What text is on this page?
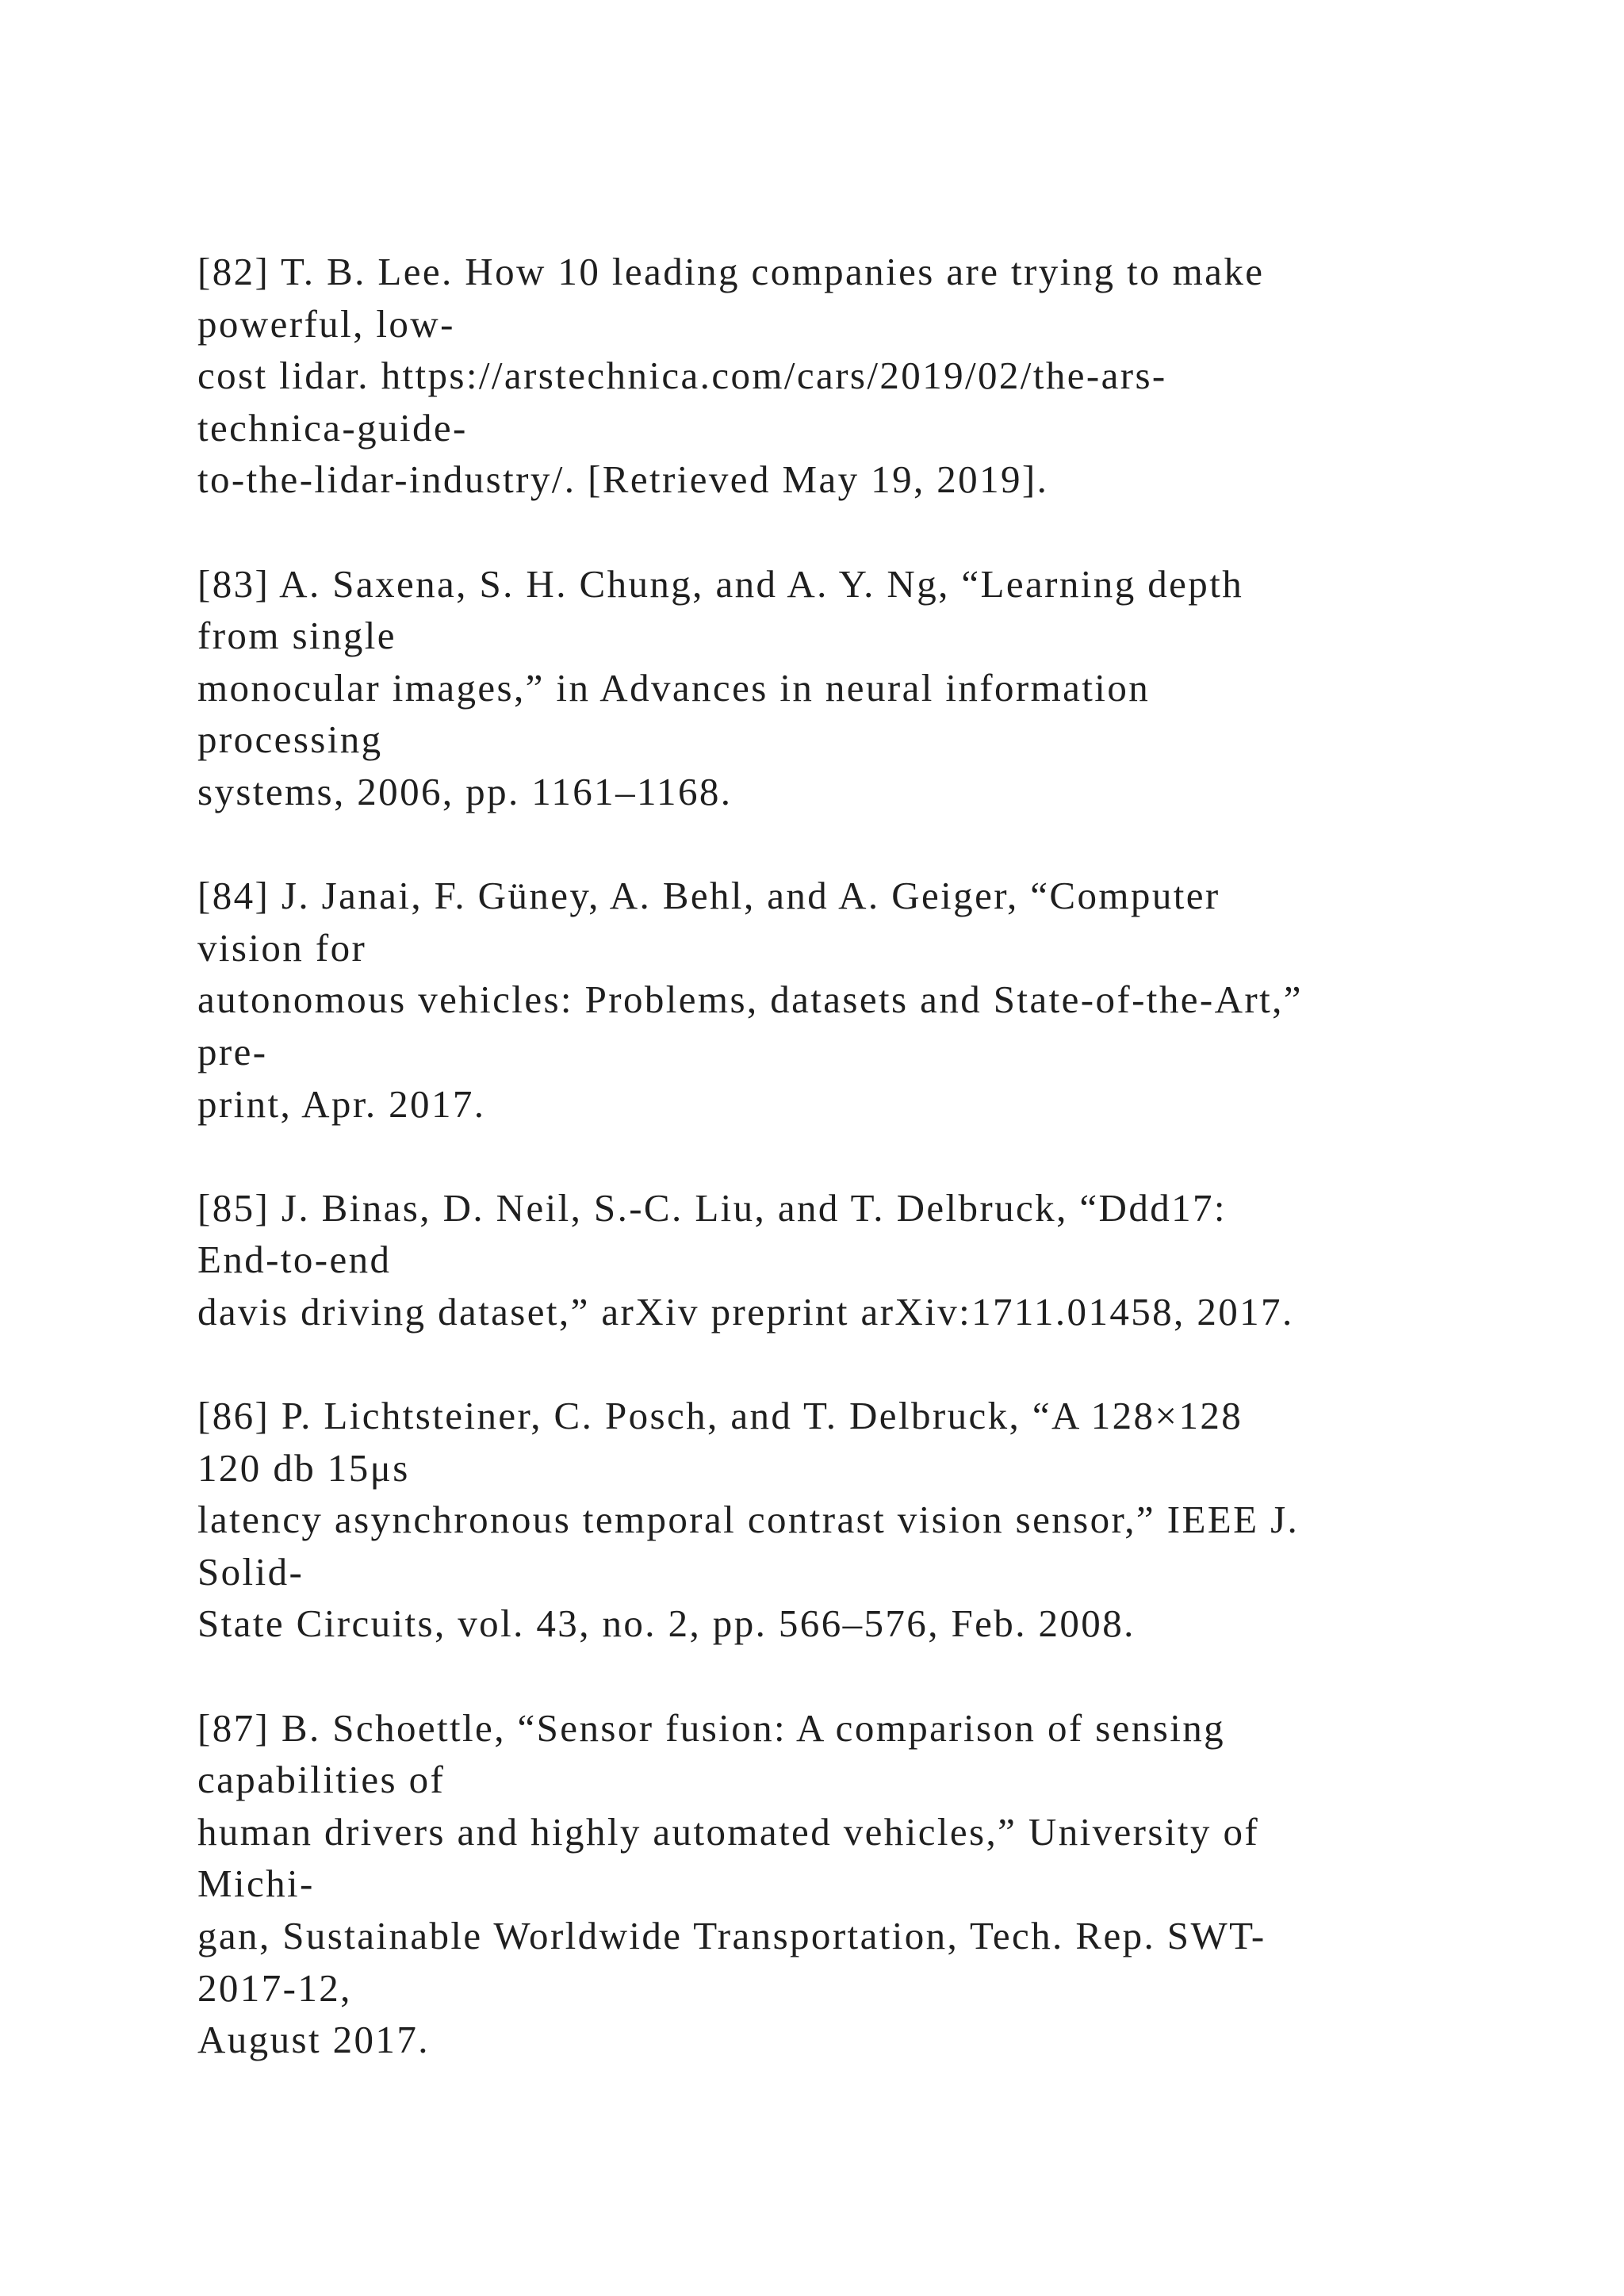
[82] T. B. Lee. How 10 leading companies are trying to make
powerful, low-
cost lidar. https://arstechnica.com/cars/2019/02/the-ars-
technica-guide-
to-the-lidar-industry/. [Retrieved May 19, 2019].
[83] A. Saxena, S. H. Chung, and A. Y. Ng, “Learning depth
from single
monocular images,” in Advances in neural information
processing
systems, 2006, pp. 1161–1168.
[84] J. Janai, F. Güney, A. Behl, and A. Geiger, “Computer
vision for
autonomous vehicles: Problems, datasets and State-of-the-Art,”
pre-
print, Apr. 2017.
[85] J. Binas, D. Neil, S.-C. Liu, and T. Delbruck, “Ddd17:
End-to-end
davis driving dataset,” arXiv preprint arXiv:1711.01458, 2017.
[86] P. Lichtsteiner, C. Posch, and T. Delbruck, “A 128×128
120 db 15μs
latency asynchronous temporal contrast vision sensor,” IEEE J.
Solid-
State Circuits, vol. 43, no. 2, pp. 566–576, Feb. 2008.
[87] B. Schoettle, “Sensor fusion: A comparison of sensing
capabilities of
human drivers and highly automated vehicles,” University of
Michi-
gan, Sustainable Worldwide Transportation, Tech. Rep. SWT-
2017-12,
August 2017.
